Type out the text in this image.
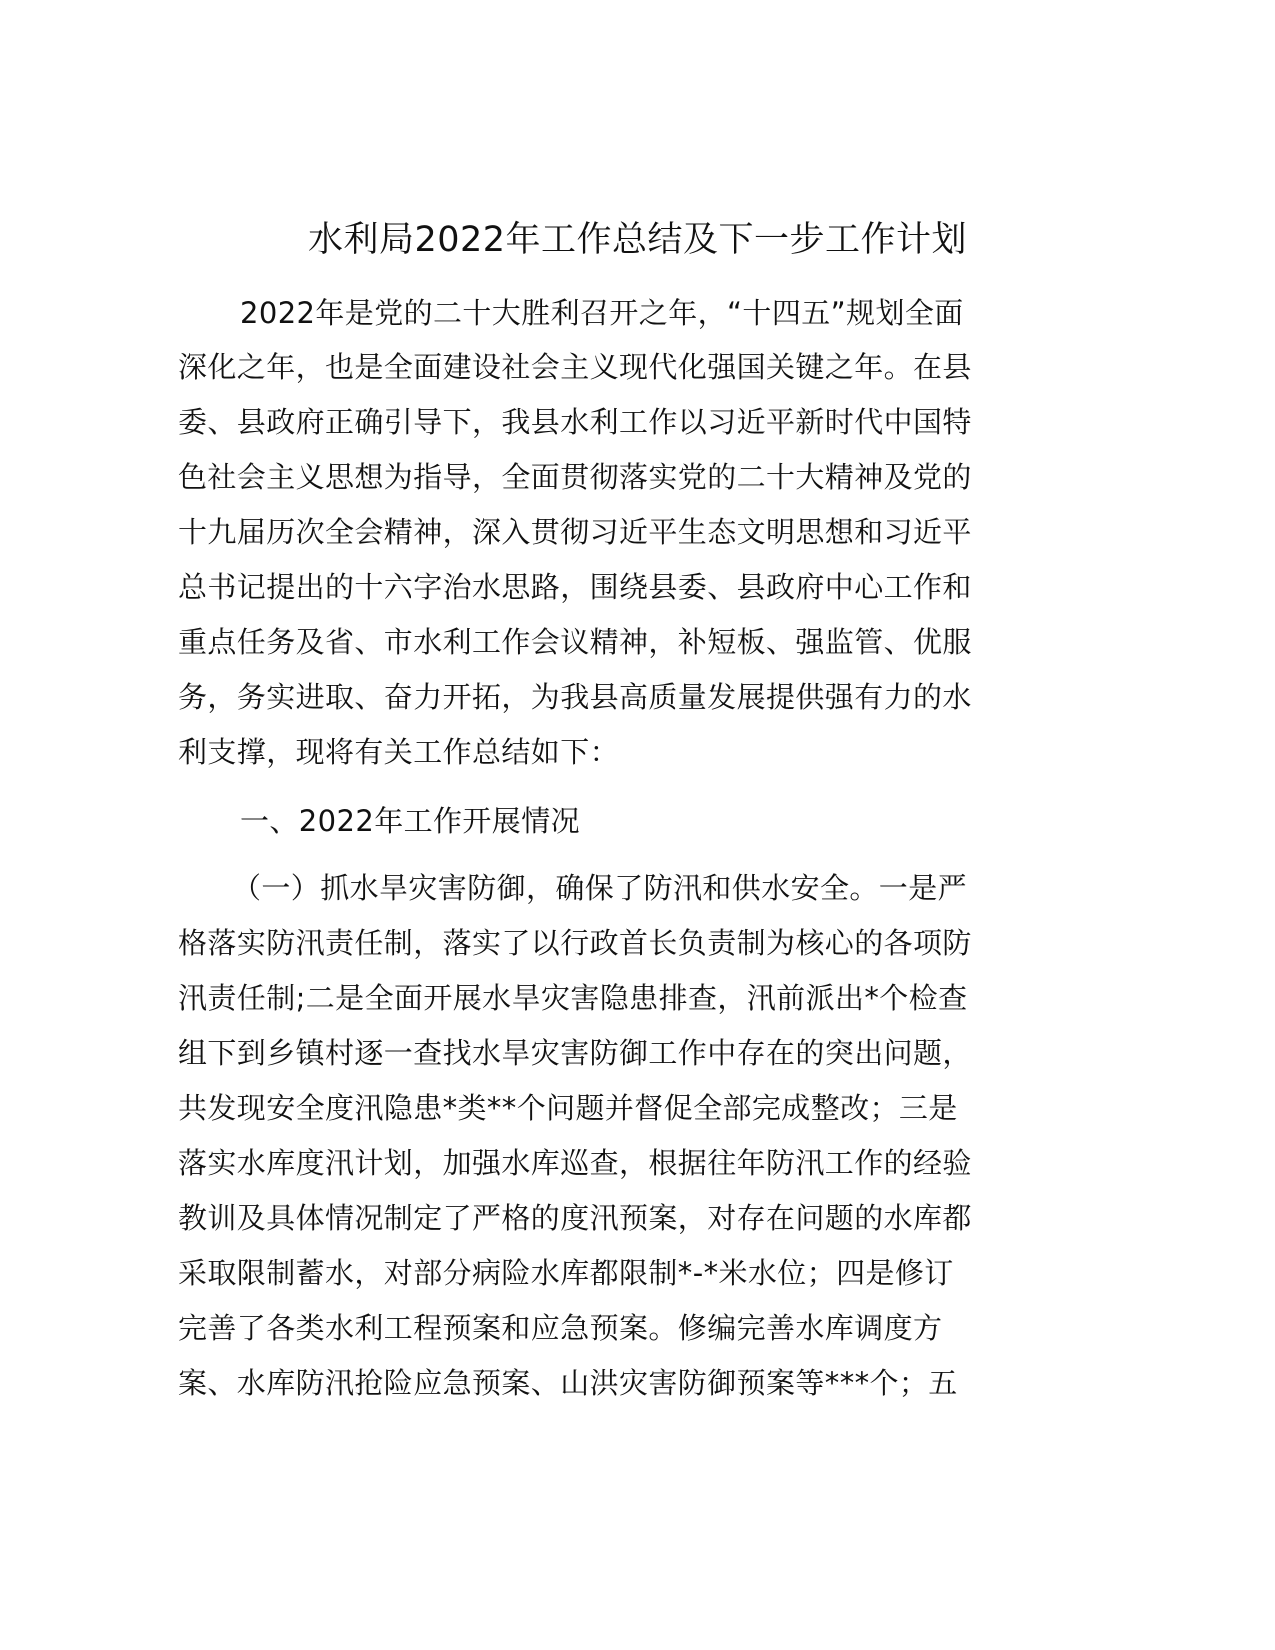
水利局2022年工作总结及下一步工作计划
2022年是党的二十大胜利召开之年，“十四五”规划全面
深化之年，也是全面建设社会主义现代化强国关键之年。在县
委、县政府正确引导下，我县水利工作以习近平新时代中国特
色社会主义思想为指导，全面贯彻落实党的二十大精神及党的
十九届历次全会精神，深入贯彻习近平生态文明思想和习近平
总书记提出的十六字治水思路，围绕县委、县政府中心工作和
重点任务及省、市水利工作会议精神，补短板、强监管、优服
务，务实进取、奋力开拓，为我县高质量发展提供强有力的水
利支撑，现将有关工作总结如下：
一、2022年工作开展情况
（一）抓水旱灾害防御，确保了防汛和供水安全。一是严
格落实防汛责任制，落实了以行政首长负责制为核心的各项防
汛责任制;二是全面开展水旱灾害隐患排查，汛前派出*个检查
组下到乡镇村逐一查找水旱灾害防御工作中存在的突出问题，
共发现安全度汛隐患*类**个问题并督促全部完成整改；三是
落实水库度汛计划，加强水库巡查，根据往年防汛工作的经验
教训及具体情况制定了严格的度汛预案，对存在问题的水库都
采取限制蓄水，对部分病险水库都限制*-*米水位；四是修订
完善了各类水利工程预案和应急预案。修编完善水库调度方
案、水库防汛抢险应急预案、山洪灾害防御预案等***个；五
